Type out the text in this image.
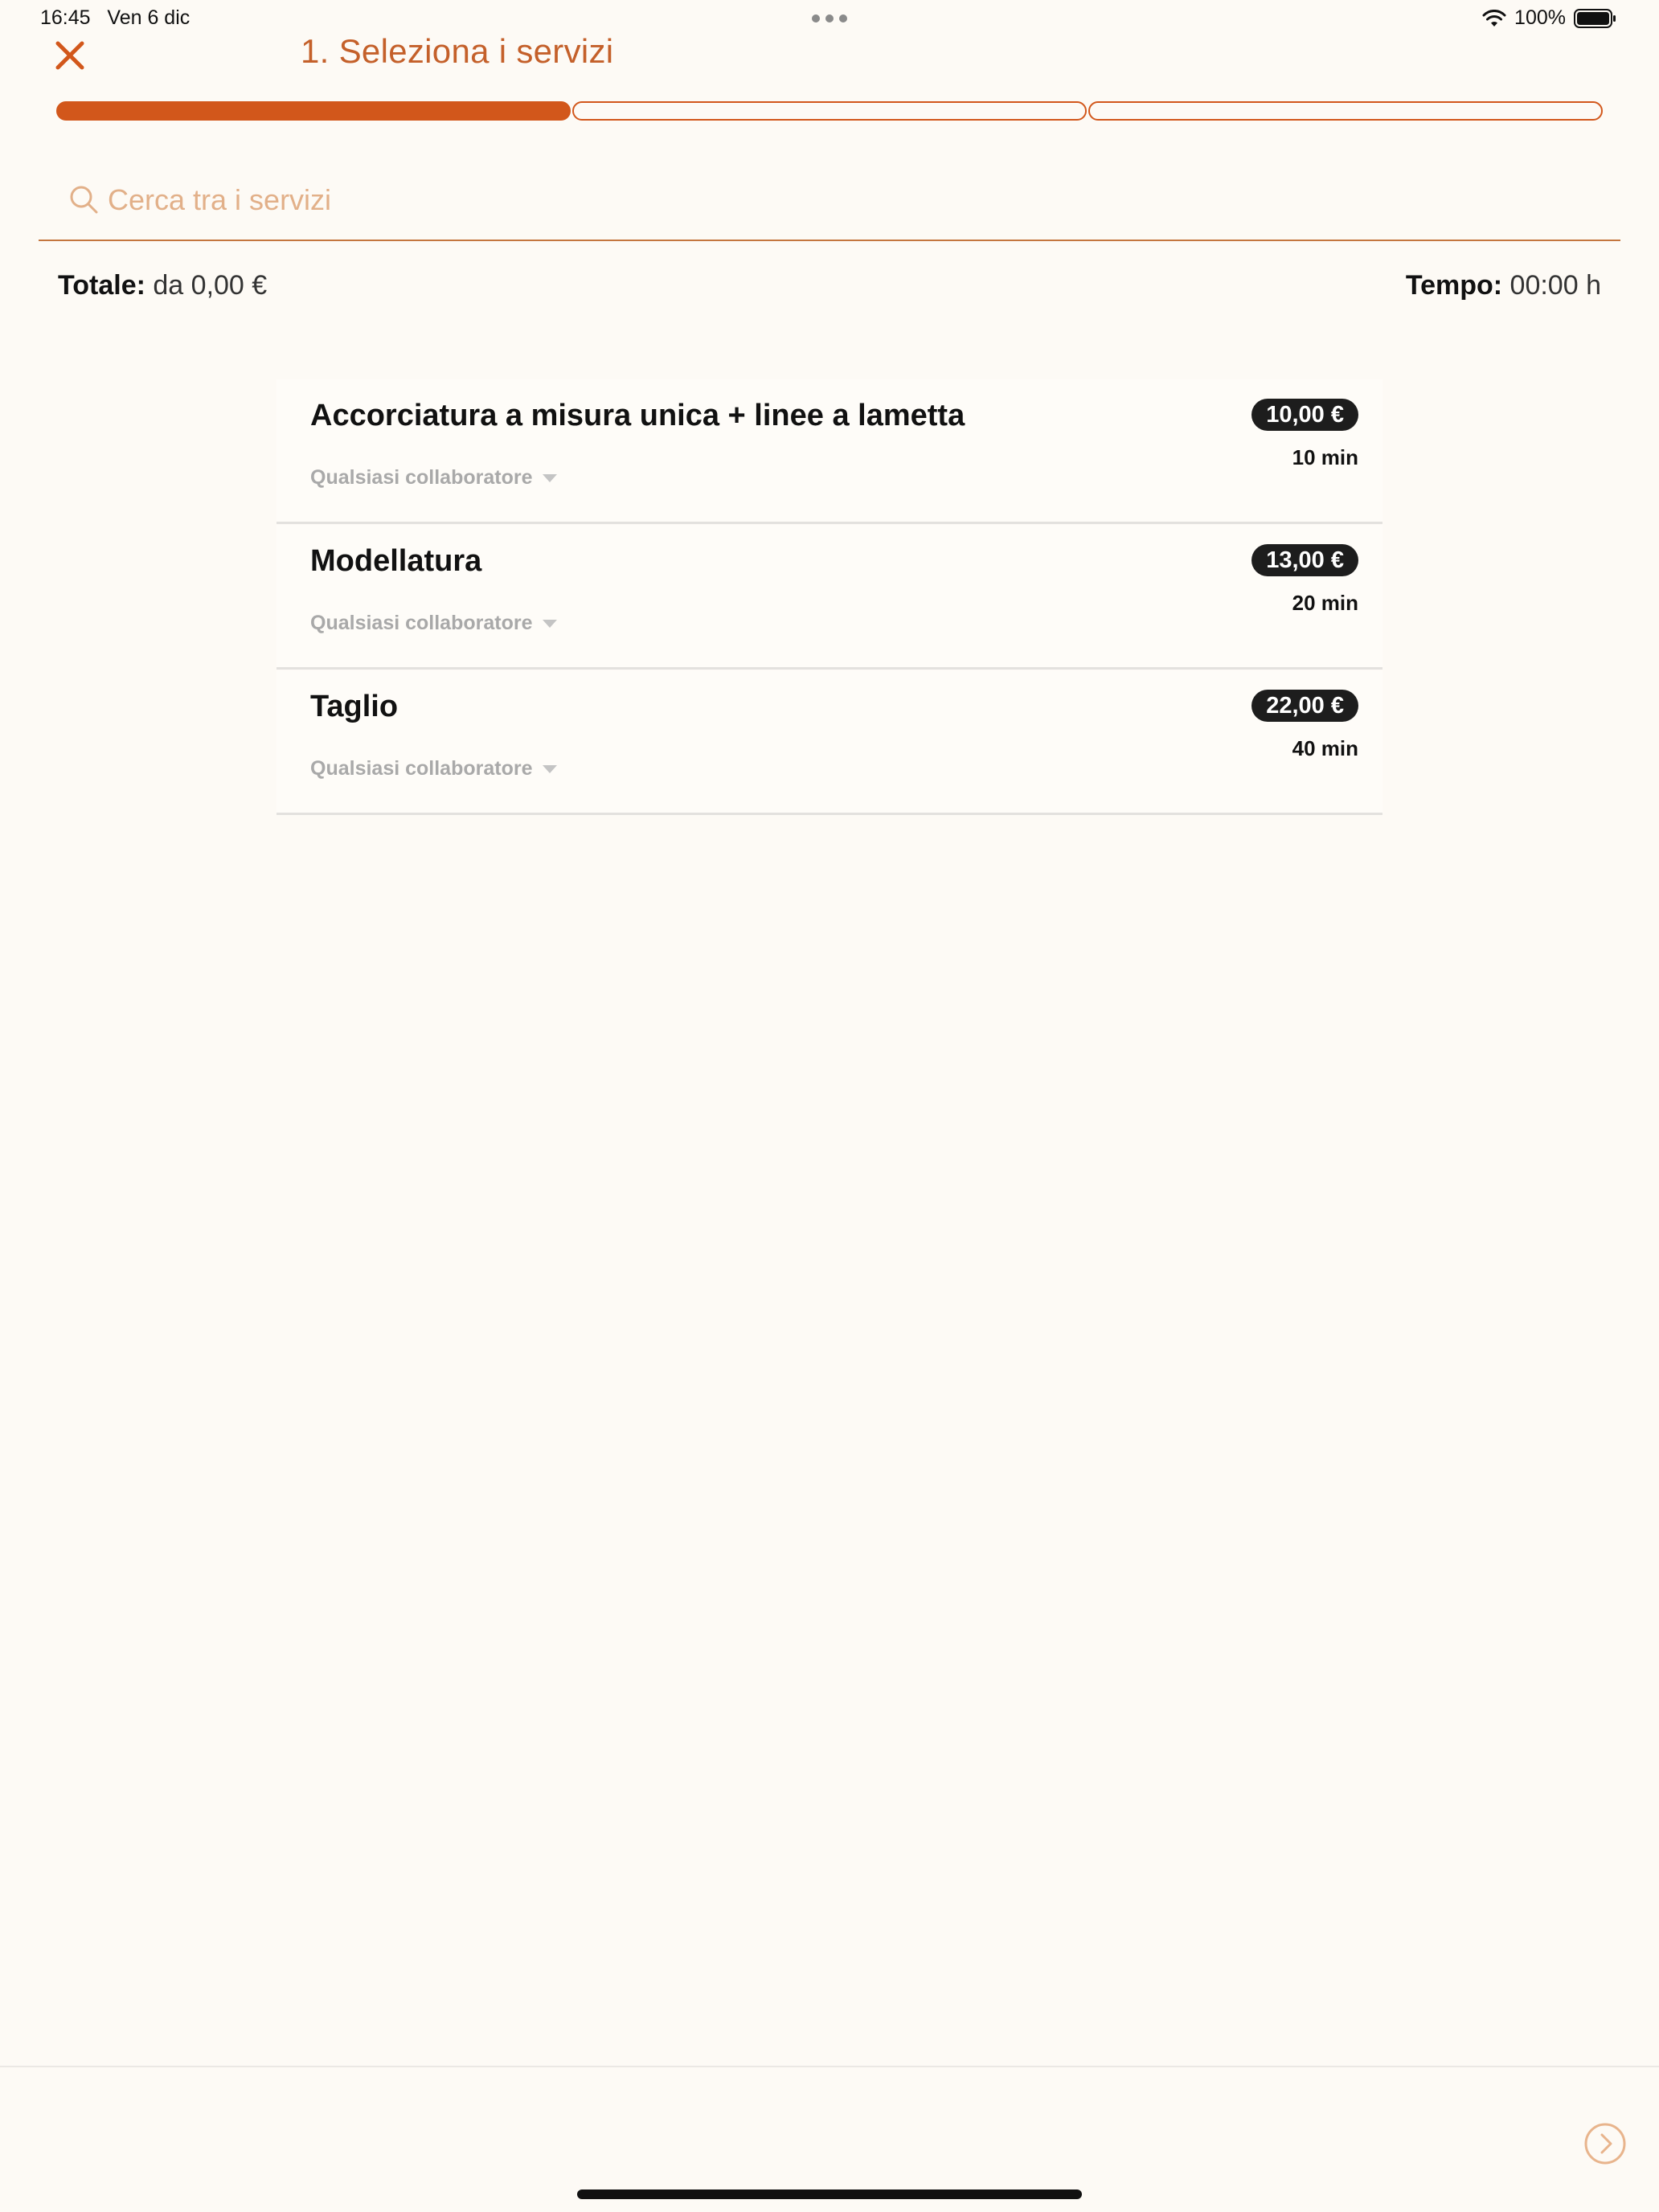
16:45 Ven 6 dic	100%
1. Seleziona i servizi
Cerca tra i servizi
Totale: da 0,00 €	Tempo: 00:00 h
Accorciatura a misura unica + linee a lametta	10,00 €
10 min
Qualsiasi collaboratore
Modellatura	13,00 €
20 min
Qualsiasi collaboratore
Taglio	22,00 €
40 min
Qualsiasi collaboratore
